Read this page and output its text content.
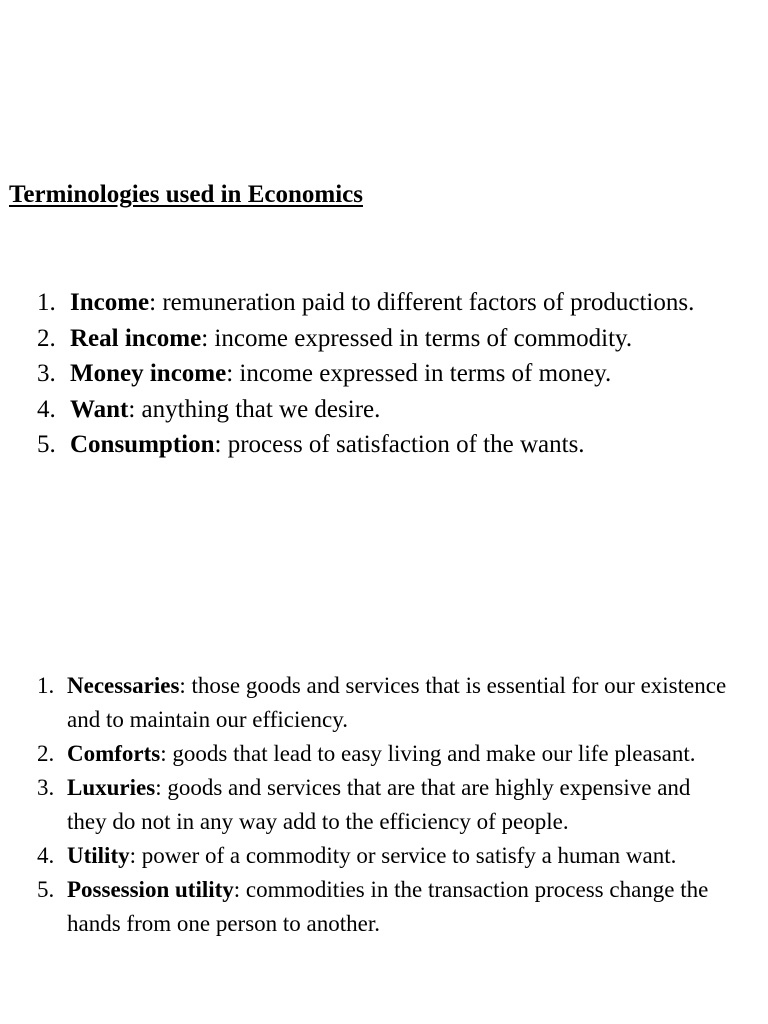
Terminologies used in Economics
1. Income: remuneration paid to different factors of productions.
2. Real income: income expressed in terms of commodity.
3. Money income: income expressed in terms of money.
4. Want: anything that we desire.
5. Consumption: process of satisfaction of the wants.
1. Necessaries: those goods and services that is essential for our existence and to maintain our efficiency.
2. Comforts: goods that lead to easy living and make our life pleasant.
3. Luxuries: goods and services that are that are highly expensive and they do not in any way add to the efficiency of people.
4. Utility: power of a commodity or service to satisfy a human want.
5. Possession utility: commodities in the transaction process change the hands from one person to another.
